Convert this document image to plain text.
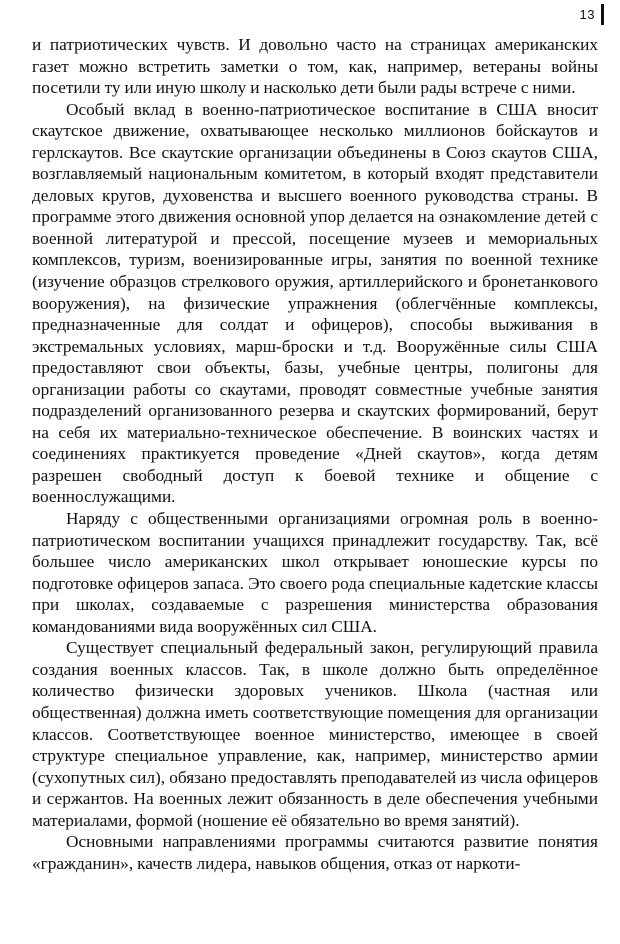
13

и патриотических чувств. И довольно часто на страницах американских газет можно встретить заметки о том, как, например, ветераны войны посетили ту или иную школу и насколько дети были рады встрече с ними.

Особый вклад в военно-патриотическое воспитание в США вносит скаутское движение, охватывающее несколько миллионов бойскаутов и герлскаутов. Все скаутские организации объединены в Союз скаутов США, возглавляемый национальным комитетом, в который входят представители деловых кругов, духовенства и высшего военного руководства страны. В программе этого движения основной упор делается на ознакомление детей с военной литературой и прессой, посещение музеев и мемориальных комплексов, туризм, военизированные игры, занятия по военной технике (изучение образцов стрелкового оружия, артиллерийского и бронетанкового вооружения), на физические упражнения (облегчённые комплексы, предназначенные для солдат и офицеров), способы выживания в экстремальных условиях, марш-броски и т.д. Вооружённые силы США предоставляют свои объекты, базы, учебные центры, полигоны для организации работы со скаутами, проводят совместные учебные занятия подразделений организованного резерва и скаутских формирований, берут на себя их материально-техническое обеспечение. В воинских частях и соединениях практикуется проведение «Дней скаутов», когда детям разрешен свободный доступ к боевой технике и общение с военнослужащими.

Наряду с общественными организациями огромная роль в военно-патриотическом воспитании учащихся принадлежит государству. Так, всё большее число американских школ открывает юношеские курсы по подготовке офицеров запаса. Это своего рода специальные кадетские классы при школах, создаваемые с разрешения министерства образования командованиями вида вооружённых сил США.

Существует специальный федеральный закон, регулирующий правила создания военных классов. Так, в школе должно быть определённое количество физически здоровых учеников. Школа (частная или общественная) должна иметь соответствующие помещения для организации классов. Соответствующее военное министерство, имеющее в своей структуре специальное управление, как, например, министерство армии (сухопутных сил), обязано предоставлять преподавателей из числа офицеров и сержантов. На военных лежит обязанность в деле обеспечения учебными материалами, формой (ношение её обязательно во время занятий).

Основными направлениями программы считаются развитие понятия «гражданин», качеств лидера, навыков общения, отказ от наркоти-
